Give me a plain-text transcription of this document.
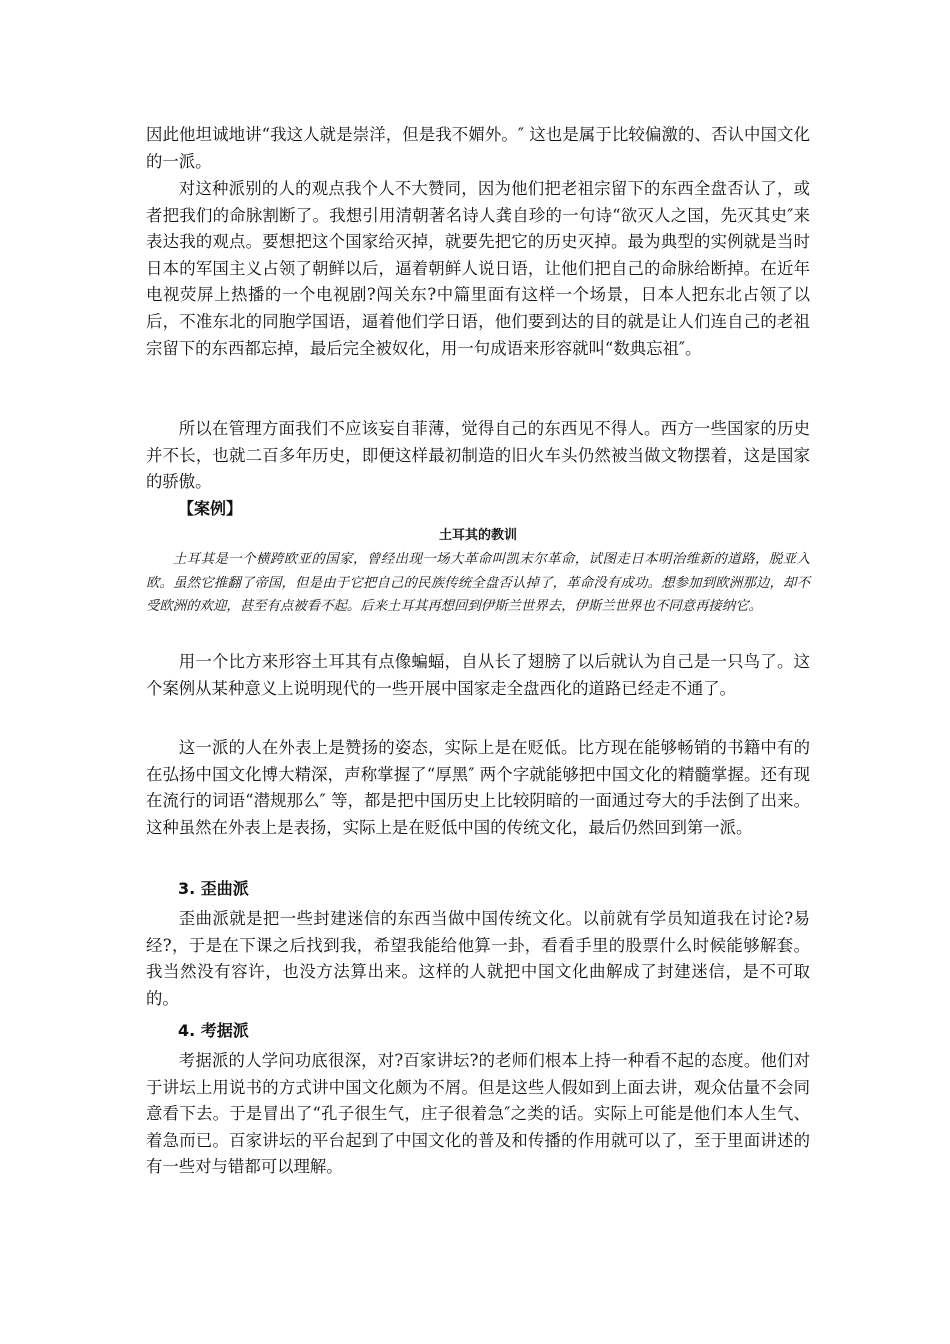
因此他坦诚地讲“我这人就是崇洋，但是我不媚外。″ 这也是属于比较偏激的、否认中国文化的一派。

对这种派别的人的观点我个人不大赞同，因为他们把老祖宗留下的东西全盘否认了，或者把我们的命脉割断了。我想引用清朝著名诗人龚自珍的一句诗“欲灭人之国，先灭其史″来表达我的观点。要想把这个国家给灭掉，就要先把它的历史灭掉。最为典型的实例就是当时日本的军国主义占领了朝鲜以后，逼着朝鲜人说日语，让他们把自己的命脉给断掉。在近年电视荧屏上热播的一个电视剧?闯关东?中篇里面有这样一个场景，日本人把东北占领了以后，不准东北的同胞学国语，逼着他们学日语，他们要到达的目的就是让人们连自己的老祖宗留下的东西都忘掉，最后完全被奴化，用一句成语来形容就叫“数典忘祖″。

所以在管理方面我们不应该妄自菲薄，觉得自己的东西见不得人。西方一些国家的历史并不长，也就二百多年历史，即便这样最初制造的旧火车头仍然被当做文物摆着，这是国家的骄傲。

【案例】

土耳其的教训

土耳其是一个横跨欧亚的国家，曾经出现一场大革命叫凯末尔革命，试图走日本明治维新的道路，脱亚入欧。虽然它推翻了帝国，但是由于它把自己的民族传统全盘否认掉了，革命没有成功。想参加到欧洲那边，却不受欧洲的欢迎，甚至有点被看不起。后来土耳其再想回到伊斯兰世界去，伊斯兰世界也不同意再接纳它。

用一个比方来形容土耳其有点像蝙蝠，自从长了翅膀了以后就认为自己是一只鸟了。这个案例从某种意义上说明现代的一些开展中国家走全盘西化的道路已经走不通了。

这一派的人在外表上是赞扬的姿态，实际上是在贬低。比方现在能够畅销的书籍中有的在弘扬中国文化博大精深，声称掌握了“厚黑″ 两个字就能够把中国文化的精髓掌握。还有现在流行的词语“潜规那么″ 等，都是把中国历史上比较阴暗的一面通过夸大的手法倒了出来。这种虽然在外表上是表扬，实际上是在贬低中国的传统文化，最后仍然回到第一派。

3. 歪曲派

歪曲派就是把一些封建迷信的东西当做中国传统文化。以前就有学员知道我在讨论?易经?，于是在下课之后找到我，希望我能给他算一卦，看看手里的股票什么时候能够解套。我当然没有容许，也没方法算出来。这样的人就把中国文化曲解成了封建迷信，是不可取的。

4. 考据派

考据派的人学问功底很深，对?百家讲坛?的老师们根本上持一种看不起的态度。他们对于讲坛上用说书的方式讲中国文化颇为不屑。但是这些人假如到上面去讲，观众估量不会同意看下去。于是冒出了“孔子很生气，庄子很着急″之类的话。实际上可能是他们本人生气、着急而已。百家讲坛的平台起到了中国文化的普及和传播的作用就可以了，至于里面讲述的有一些对与错都可以理解。
